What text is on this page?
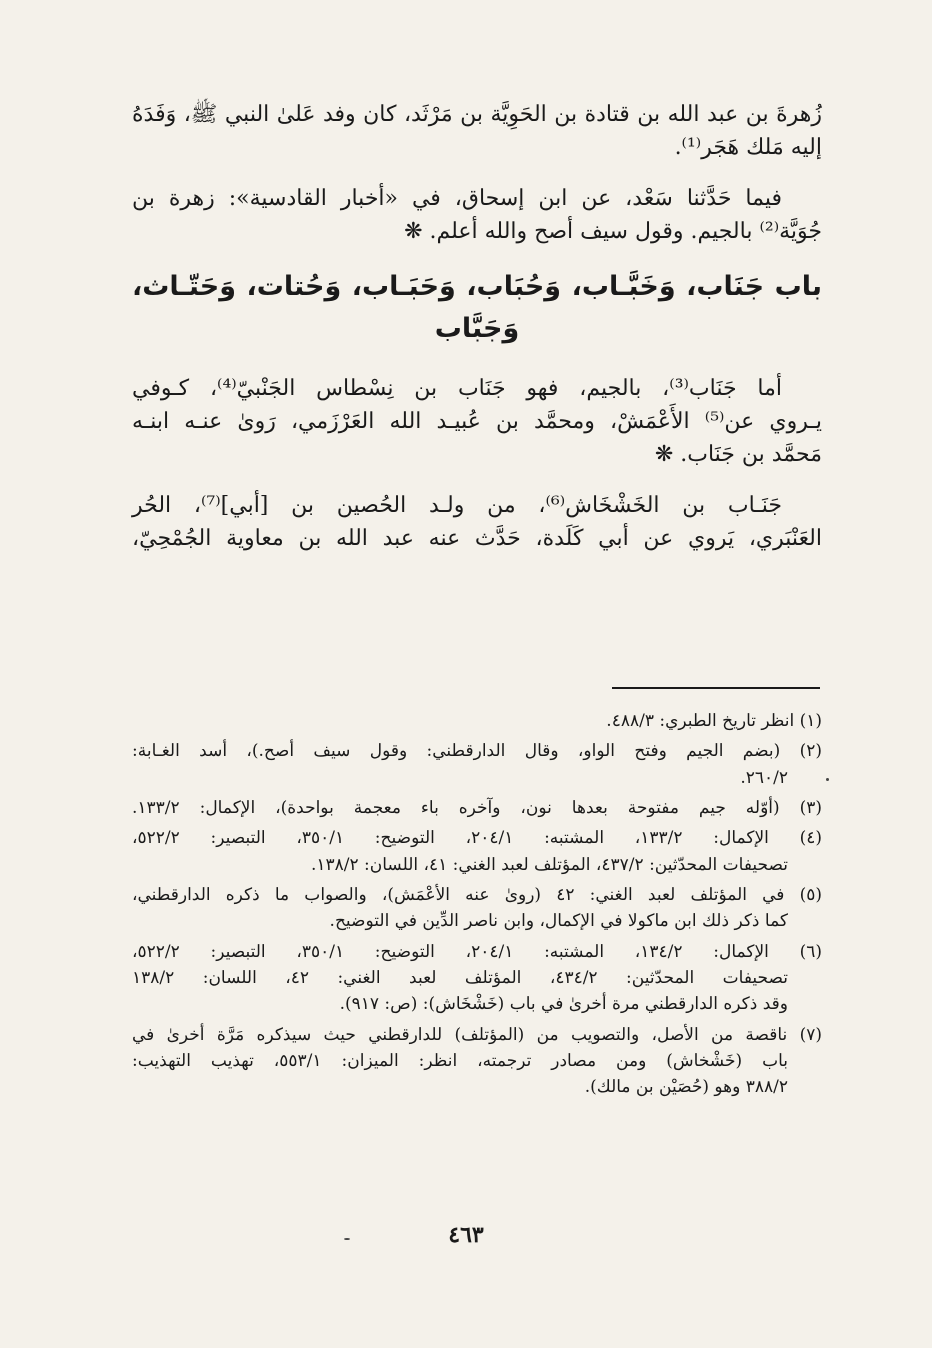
زُهرةَ بن عبد الله بن قتادة بن الحَوِيَّة بن مَرْثَد، كان وفد عَلىٰ النبي ﷺ، وَفَدَهُ
إليه مَلك هَجَر⁽¹⁾.
فيما حَدَّثنا سَعْد، عن ابن إسحاق، في «أخبار القادسية»: زهرة بن
جُوَيَّة⁽²⁾ بالجيم. وقول سيف أصح والله أعلم. ❋
باب جَنَاب، وَخَبَّـاب، وَحُبَاب، وَحَبَـاب، وَحُتات، وَحَتّـاث،
وَجَبَّاب
أما جَنَاب⁽³⁾، بالجيم، فهو جَنَاب بن نِسْطاس الجَنْبيّ⁽⁴⁾، كـوفي
يـروي عن⁽⁵⁾ الأَعْمَشْ، ومحمَّد بن عُبيـد الله العَرْزَمي، رَوىٰ عنـه ابنـه
مَحمَّد بن جَنَاب. ❋
جَنَـاب بن الخَشْخَاش⁽⁶⁾، من ولـد الحُصين بن [أبي]⁽⁷⁾، الحُر
العَنْبَري، يَروي عن أبي كَلَدة، حَدَّث عنه عبد الله بن معاوية الجُمْحِيّ،
(١) انظر تاريخ الطبري: ٤٨٨/٣.
(٢) (بضم الجيم وفتح الواو، وقال الدارقطني: وقول سيف أصح.)، أسد الغـابة:
٢٦٠/٢.
(٣) (أوّله جيم مفتوحة بعدها نون، وآخره باء معجمة بواحدة)، الإكمال: ١٣٣/٢.
(٤) الإكمال: ١٣٣/٢، المشتبه: ٢٠٤/١، التوضيح: ٣٥٠/١، التبصير: ٥٢٢/٢،
تصحيفات المحدّثين: ٤٣٧/٢، المؤتلف لعبد الغني: ٤١، اللسان: ١٣٨/٢.
(٥) في المؤتلف لعبد الغني: ٤٢ (روىٰ عنه الأعْمَش)، والصواب ما ذكره الدارقطني،
كما ذكر ذلك ابن ماكولا في الإكمال، وابن ناصر الدِّين في التوضيح.
(٦) الإكمال: ١٣٤/٢، المشتبه: ٢٠٤/١، التوضيح: ٣٥٠/١، التبصير: ٥٢٢/٢،
تصحيفات المحدّثين: ٤٣٤/٢، المؤتلف لعبد الغني: ٤٢، اللسان: ١٣٨/٢
وقد ذكره الدارقطني مرة أخرىٰ في باب (خَشْخَاش): (ص: ٩١٧).
(٧) ناقصة من الأصل، والتصويب من (المؤتلف) للدارقطني حيث سيذكره مَرَّة أخرىٰ في
باب (خَشْخاش) ومن مصادر ترجمته، انظر: الميزان: ٥٥٣/١، تهذيب التهذيب:
٣٨٨/٢ وهو (حُصَيْن بن مالك).
٤٦٣
